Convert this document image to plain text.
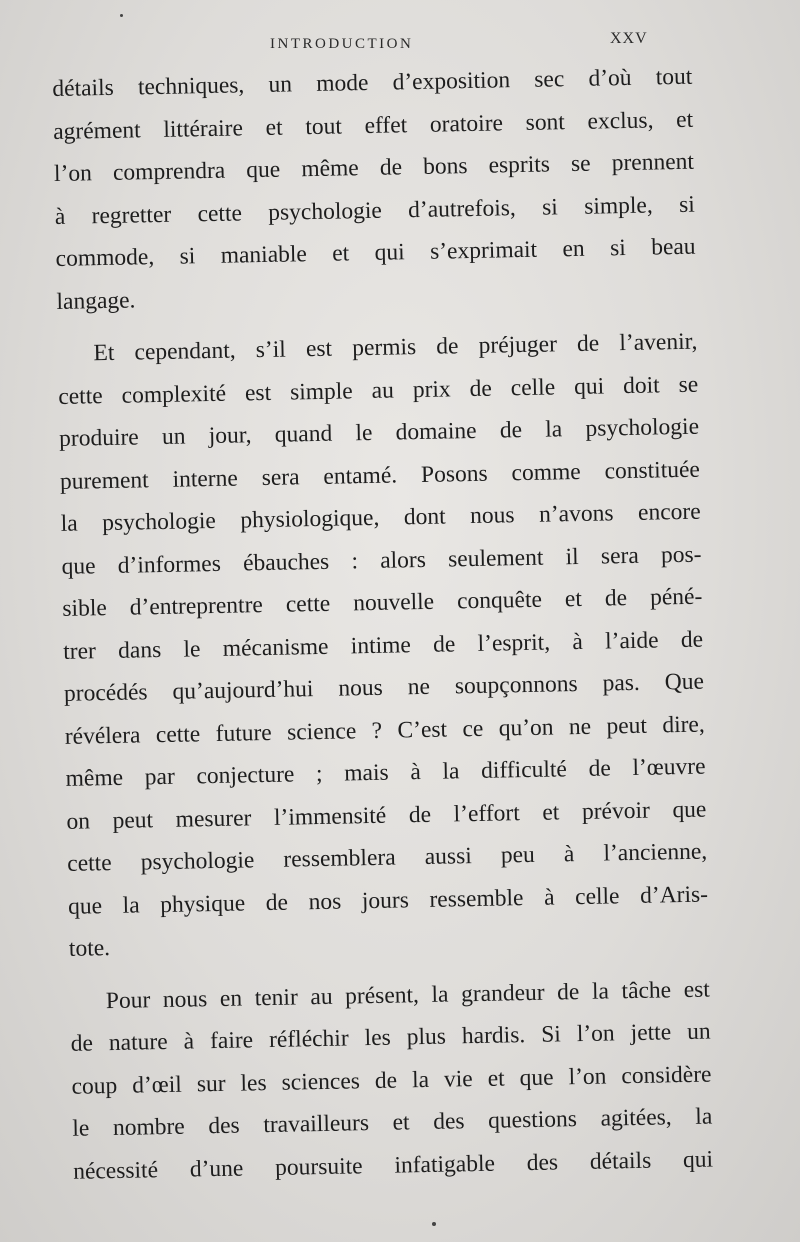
INTRODUCTION	XXV

détails techniques, un mode d’exposition sec d’où tout
agrément littéraire et tout effet oratoire sont exclus, et
l’on comprendra que même de bons esprits se prennent
à regretter cette psychologie d’autrefois, si simple, si
commode, si maniable et qui s’exprimait en si beau
langage.

Et cependant, s’il est permis de préjuger de l’avenir,
cette complexité est simple au prix de celle qui doit se
produire un jour, quand le domaine de la psychologie
purement interne sera entamé. Posons comme constituée
la psychologie physiologique, dont nous n’avons encore
que d’informes ébauches : alors seulement il sera pos-
sible d’entreprentre cette nouvelle conquête et de péné-
trer dans le mécanisme intime de l’esprit, à l’aide de
procédés qu’aujourd’hui nous ne soupçonnons pas. Que
révélera cette future science ? C’est ce qu’on ne peut dire,
même par conjecture ; mais à la difficulté de l’œuvre
on peut mesurer l’immensité de l’effort et prévoir que
cette psychologie ressemblera aussi peu à l’ancienne,
que la physique de nos jours ressemble à celle d’Aris-
tote.

Pour nous en tenir au présent, la grandeur de la tâche est
de nature à faire réfléchir les plus hardis. Si l’on jette un
coup d’œil sur les sciences de la vie et que l’on considère
le nombre des travailleurs et des questions agitées, la
nécessité d’une poursuite infatigable des détails qui
